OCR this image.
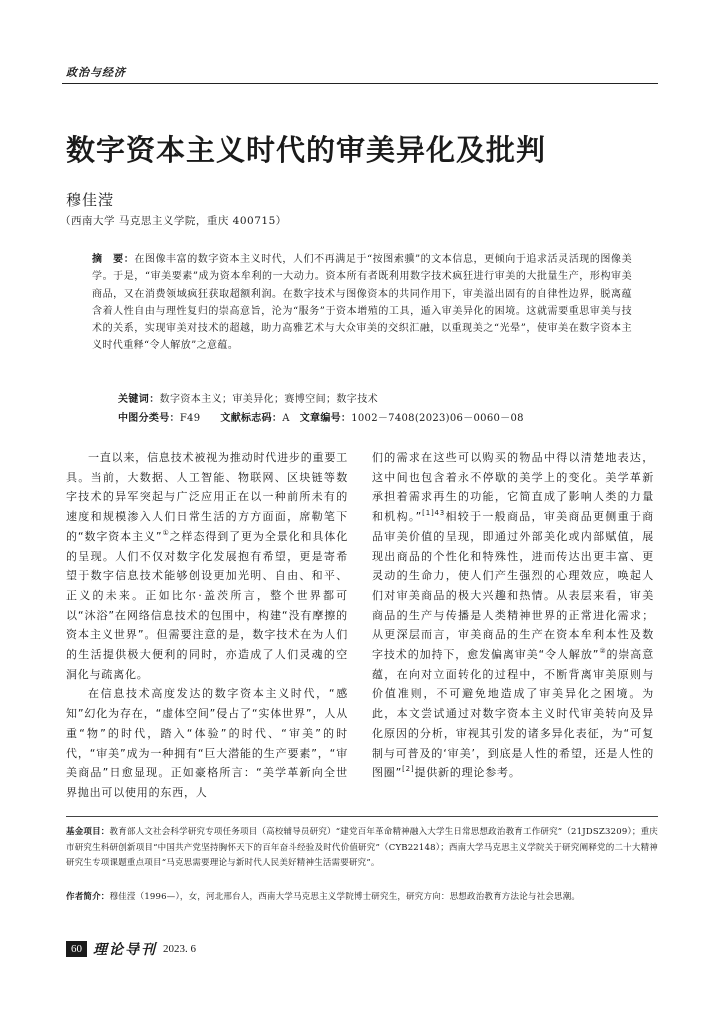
政治与经济
数字资本主义时代的审美异化及批判
穆佳滢
（西南大学 马克思主义学院，重庆 400715）
摘　要：在图像丰富的数字资本主义时代，人们不再满足于“按图索骥”的文本信息，更倾向于追求活灵活现的图像美学。于是，“审美要素”成为资本牟利的一大动力。资本所有者既利用数字技术疯狂进行审美的大批量生产，形构审美商品，又在消费领域疯狂获取超额利润。在数字技术与图像资本的共同作用下，审美溢出固有的自律性边界，脱离蕴含着人性自由与理性复归的崇高意旨，沦为“服务”于资本增殖的工具，遁入审美异化的困境。这就需要重思审美与技术的关系，实现审美对技术的超越，助力高雅艺术与大众审美的交织汇融，以重现美之“光晕”，使审美在数字资本主义时代重释“令人解放”之意蕴。
关键词：数字资本主义；审美异化；赛博空间；数字技术
中图分类号：F49 文献标志码：A 文章编号：1002－7408(2023)06－0060－08

一直以来，信息技术被视为推动时代进步的重要工具。当前，大数据、人工智能、物联网、区块链等数字技术的异军突起与广泛应用正在以一种前所未有的速度和规模渗入人们日常生活的方方面面，席勒笔下的“数字资本主义”①之样态得到了更为全景化和具体化的呈现。人们不仅对数字化发展抱有希望，更是寄希望于数字信息技术能够创设更加光明、自由、和平、正义的未来。正如比尔·盖茨所言，整个世界都可以“沐浴”在网络信息技术的包围中，构建“没有摩擦的资本主义世界”。但需要注意的是，数字技术在为人们的生活提供极大便利的同时，亦造成了人们灵魂的空洞化与疏离化。

在信息技术高度发达的数字资本主义时代，“感知”幻化为存在，“虚体空间”侵占了“实体世界”，人从重“物”的时代，踏入“体验”的时代、“审美”的时代，“审美”成为一种拥有“巨大潜能的生产要素”，“审美商品”日愈显现。正如豪格所言：“美学革新向全世界抛出可以使用的东西，人

们的需求在这些可以购买的物品中得以清楚地表达，这中间也包含着永不停歇的美学上的变化。美学革新承担着需求再生的功能，它简直成了影响人类的力量和机构。”$^{[1]43}$相较于一般商品，审美商品更侧重于商品审美价值的呈现，即通过外部美化或内部赋值，展现出商品的个性化和特殊性，进而传达出更丰富、更灵动的生命力，使人们产生强烈的心理效应，唤起人们对审美商品的极大兴趣和热情。从表层来看，审美商品的生产与传播是人类精神世界的正常进化需求；从更深层而言，审美商品的生产在资本牟利本性及数字技术的加持下，愈发偏离审美“令人解放”②的崇高意蕴，在向对立面转化的过程中，不断背离审美原则与价值准则，不可避免地造成了审美异化之困境。为此，本文尝试通过对数字资本主义时代审美转向及异化原因的分析，审视其引发的诸多异化表征，为“可复制与可普及的‘审美’，到底是人性的希望，还是人性的图圈”[2]提供新的理论参考。

基金项目：教育部人文社会科学研究专项任务项目（高校辅导员研究）“建党百年革命精神融入大学生日常思想政治教育工作研究”（21JDSZ3209）；重庆市研究生科研创新项目“中国共产党坚持胸怀天下的百年奋斗经验及时代价值研究”（CYB22148）；西南大学马克思主义学院关于研究阐释党的二十大精神研究生专项课题重点项目“马克思需要理论与新时代人民美好精神生活需要研究”。
作者简介：穆佳滢（1996—），女，河北邢台人，西南大学马克思主义学院博士研究生，研究方向：思想政治教育方法论与社会思潮。
60 理论导刊 2023. 6
